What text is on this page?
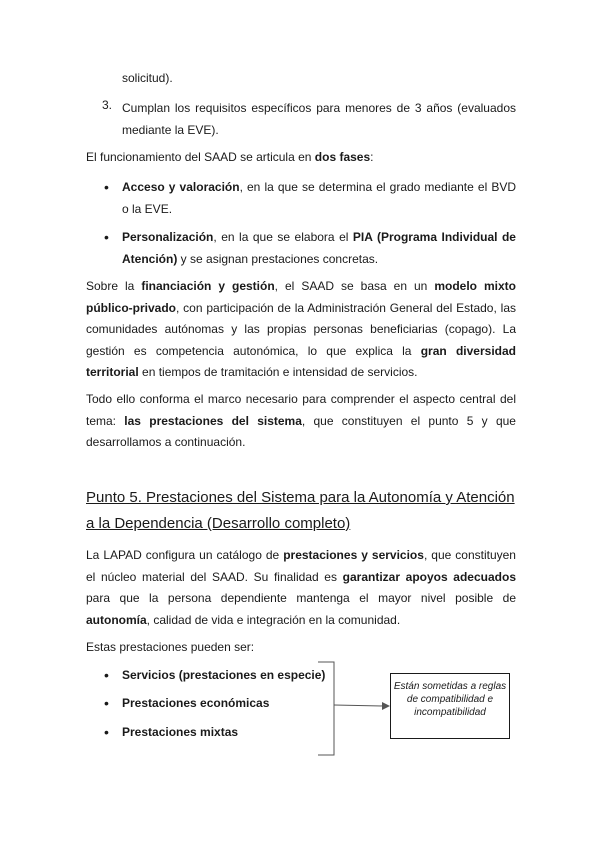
solicitud).

3. Cumplan los requisitos específicos para menores de 3 años (evaluados mediante la EVE).

El funcionamiento del SAAD se articula en dos fases:

• Acceso y valoración, en la que se determina el grado mediante el BVD o la EVE.

• Personalización, en la que se elabora el PIA (Programa Individual de Atención) y se asignan prestaciones concretas.

Sobre la financiación y gestión, el SAAD se basa en un modelo mixto público-privado, con participación de la Administración General del Estado, las comunidades autónomas y las propias personas beneficiarias (copago). La gestión es competencia autonómica, lo que explica la gran diversidad territorial en tiempos de tramitación e intensidad de servicios.

Todo ello conforma el marco necesario para comprender el aspecto central del tema: las prestaciones del sistema, que constituyen el punto 5 y que desarrollamos a continuación.

Punto 5. Prestaciones del Sistema para la Autonomía y Atención a la Dependencia (Desarrollo completo)

La LAPAD configura un catálogo de prestaciones y servicios, que constituyen el núcleo material del SAAD. Su finalidad es garantizar apoyos adecuados para que la persona dependiente mantenga el mayor nivel posible de autonomía, calidad de vida e integración en la comunidad.

Estas prestaciones pueden ser:

• Servicios (prestaciones en especie)
• Prestaciones económicas
• Prestaciones mixtas
Están sometidas a reglas de compatibilidad e incompatibilidad
